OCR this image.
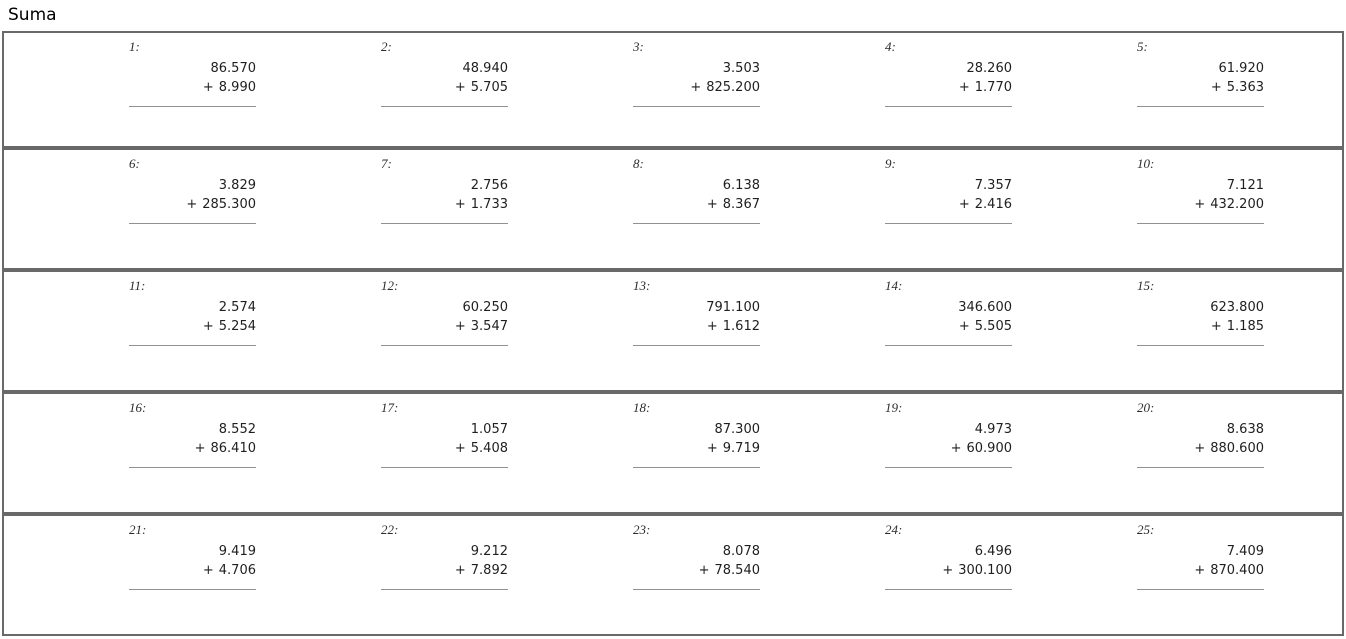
Suma
1:
86.570
+ 8.990
2:
48.940
+ 5.705
3:
3.503
+ 825.200
4:
28.260
+ 1.770
5:
61.920
+ 5.363
6:
3.829
+ 285.300
7:
2.756
+ 1.733
8:
6.138
+ 8.367
9:
7.357
+ 2.416
10:
7.121
+ 432.200
11:
2.574
+ 5.254
12:
60.250
+ 3.547
13:
791.100
+ 1.612
14:
346.600
+ 5.505
15:
623.800
+ 1.185
16:
8.552
+ 86.410
17:
1.057
+ 5.408
18:
87.300
+ 9.719
19:
4.973
+ 60.900
20:
8.638
+ 880.600
21:
9.419
+ 4.706
22:
9.212
+ 7.892
23:
8.078
+ 78.540
24:
6.496
+ 300.100
25:
7.409
+ 870.400
